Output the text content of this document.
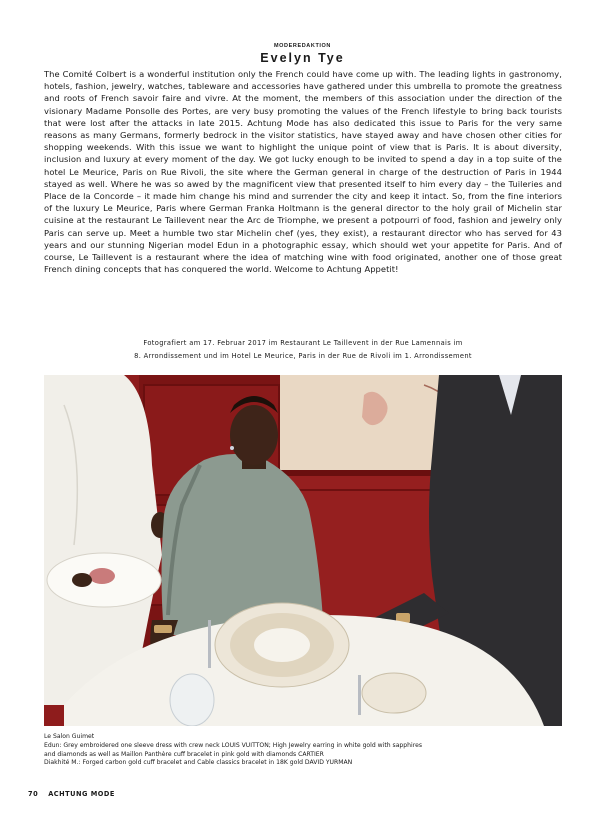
MODEREDAKTION
Evelyn Tye

The Comité Colbert is a wonderful institution only the French could have come up with. The leading lights in gastronomy, hotels, fashion, jewelry, watches, tableware and accessories have gathered under this umbrella to promote the greatness and roots of French savoir faire and vivre. At the moment, the members of this association under the direction of the visionary Madame Ponsolle des Portes, are very busy promoting the values of the French lifestyle to bring back tourists that were lost after the attacks in late 2015. Achtung Mode has also dedicated this issue to Paris for the very same reasons as many Germans, formerly bedrock in the visitor statistics, have stayed away and have chosen other cities for shopping weekends. With this issue we want to highlight the unique point of view that is Paris. It is about diversity, inclusion and luxury at every moment of the day. We got lucky enough to be invited to spend a day in a top suite of the hotel Le Meurice, Paris on Rue Rivoli, the site where the German general in charge of the destruction of Paris in 1944 stayed as well. Where he was so awed by the magnificent view that presented itself to him every day – the Tuileries and Place de la Concorde – it made him change his mind and surrender the city and keep it intact. So, from the fine interiors of the luxury Le Meurice, Paris where German Franka Holtmann is the general director to the holy grail of Michelin star cuisine at the restaurant Le Taillevent near the Arc de Triomphe, we present a potpourri of food, fashion and jewelry only Paris can serve up. Meet a humble two star Michelin chef (yes, they exist), a restaurant director who has served for 43 years and our stunning Nigerian model Edun in a photographic essay, which should wet your appetite for Paris. And of course, Le Taillevent is a restaurant where the idea of matching wine with food originated, another one of those great French dining concepts that has conquered the world. Welcome to Achtung Appetit!

Fotografiert am 17. Februar 2017 im Restaurant Le Taillevent in der Rue Lamennais im
8. Arrondissement und im Hotel Le Meurice, Paris in der Rue de Rivoli im 1. Arrondissement
Le Salon Guimet
Edun: Grey embroidered one sleeve dress with crew neck LOUIS VUITTON; High Jewelry earring in white gold with sapphires
and diamonds as well as Maillon Panthère cuff bracelet in pink gold with diamonds CARTIER
Diakhité M.: Forged carbon gold cuff bracelet and Cable classics bracelet in 18K gold DAVID YURMAN
70 ACHTUNG MODE
